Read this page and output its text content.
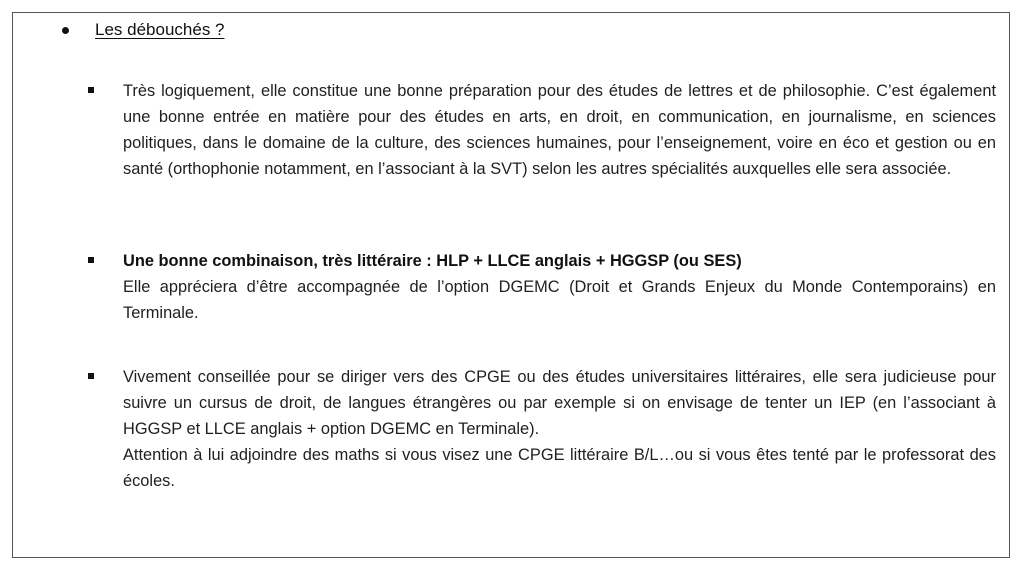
Les débouchés ?

Très logiquement, elle constitue une bonne préparation pour des études de lettres et de philosophie. C’est également une bonne entrée en matière pour des études en arts, en droit, en communication, en journalisme, en sciences politiques, dans le domaine de la culture, des sciences humaines, pour l’enseignement, voire en éco et gestion ou en santé (orthophonie notamment, en l’associant à la SVT) selon les autres spécialités auxquelles elle sera associée.

Une bonne combinaison, très littéraire : HLP + LLCE anglais + HGGSP (ou SES)

Elle appréciera d’être accompagnée de l’option DGEMC (Droit et Grands Enjeux du Monde Contemporains) en Terminale.

Vivement conseillée pour se diriger vers des CPGE ou des études universitaires littéraires, elle sera judicieuse pour suivre un cursus de droit, de langues étrangères ou par exemple si on envisage de tenter un IEP (en l’associant à HGGSP et LLCE anglais + option DGEMC en Terminale).

Attention à lui adjoindre des maths si vous visez une CPGE littéraire B/L…ou si vous êtes tenté par le professorat des écoles.
